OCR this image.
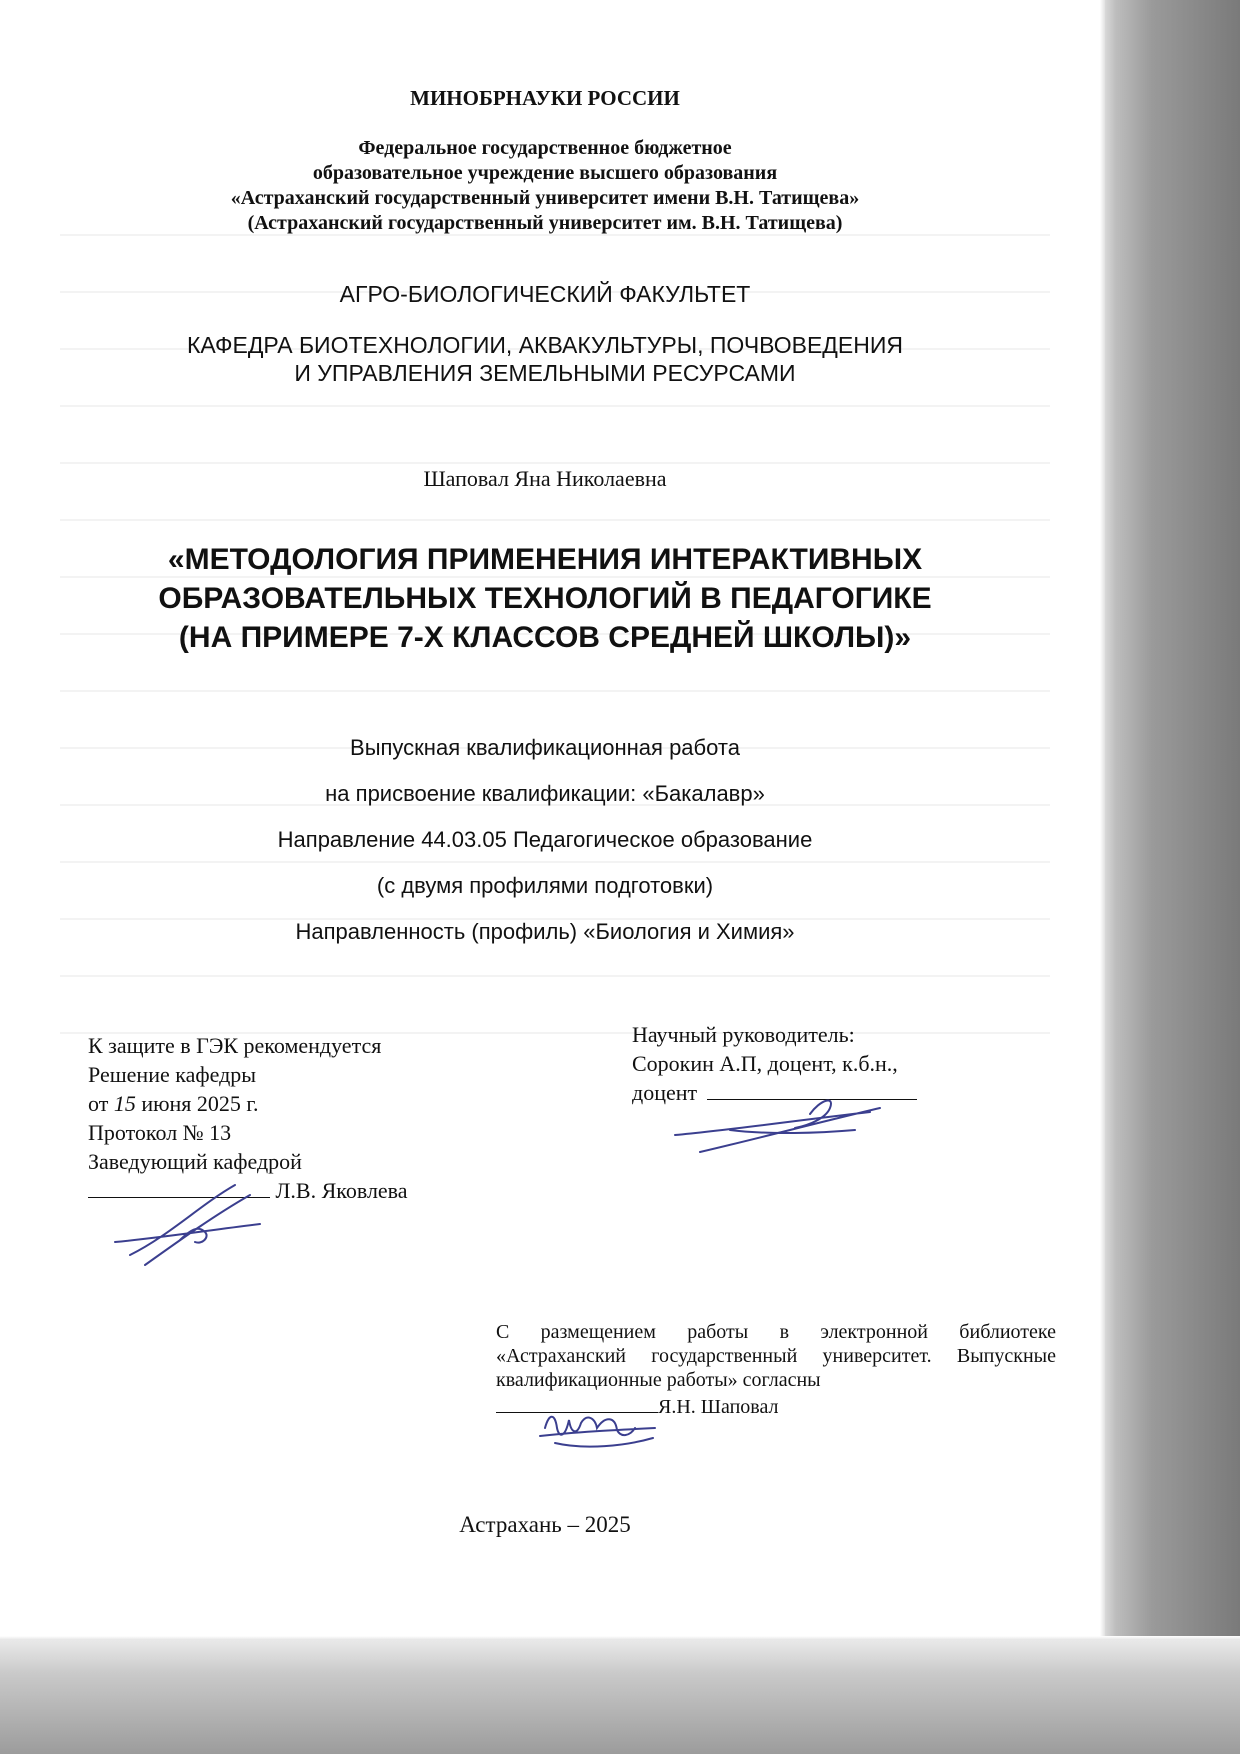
МИНОБРНАУКИ РОССИИ
Федеральное государственное бюджетное
образовательное учреждение высшего образования
«Астраханский государственный университет имени В.Н. Татищева»
(Астраханский государственный университет им. В.Н. Татищева)
АГРО-БИОЛОГИЧЕСКИЙ ФАКУЛЬТЕТ
КАФЕДРА БИОТЕХНОЛОГИИ, АКВАКУЛЬТУРЫ, ПОЧВОВЕДЕНИЯ
И УПРАВЛЕНИЯ ЗЕМЕЛЬНЫМИ РЕСУРСАМИ
Шаповал Яна Николаевна
«МЕТОДОЛОГИЯ ПРИМЕНЕНИЯ ИНТЕРАКТИВНЫХ
ОБРАЗОВАТЕЛЬНЫХ ТЕХНОЛОГИЙ В ПЕДАГОГИКЕ
(НА ПРИМЕРЕ 7-Х КЛАССОВ СРЕДНЕЙ ШКОЛЫ)»
Выпускная квалификационная работа
на присвоение квалификации: «Бакалавр»
Направление 44.03.05 Педагогическое образование
(с двумя профилями подготовки)
Направленность (профиль) «Биология и Химия»
К защите в ГЭК рекомендуется
Решение кафедры
от 15 июня 2025 г.
Протокол № 13
Заведующий кафедрой
Л.В. Яковлева
Научный руководитель:
Сорокин А.П, доцент, к.б.н.,
доцент
С размещением работы в электронной библиотеке «Астраханский государственный университет. Выпускные квалификационные работы» согласны
Я.Н. Шаповал
Астрахань – 2025
